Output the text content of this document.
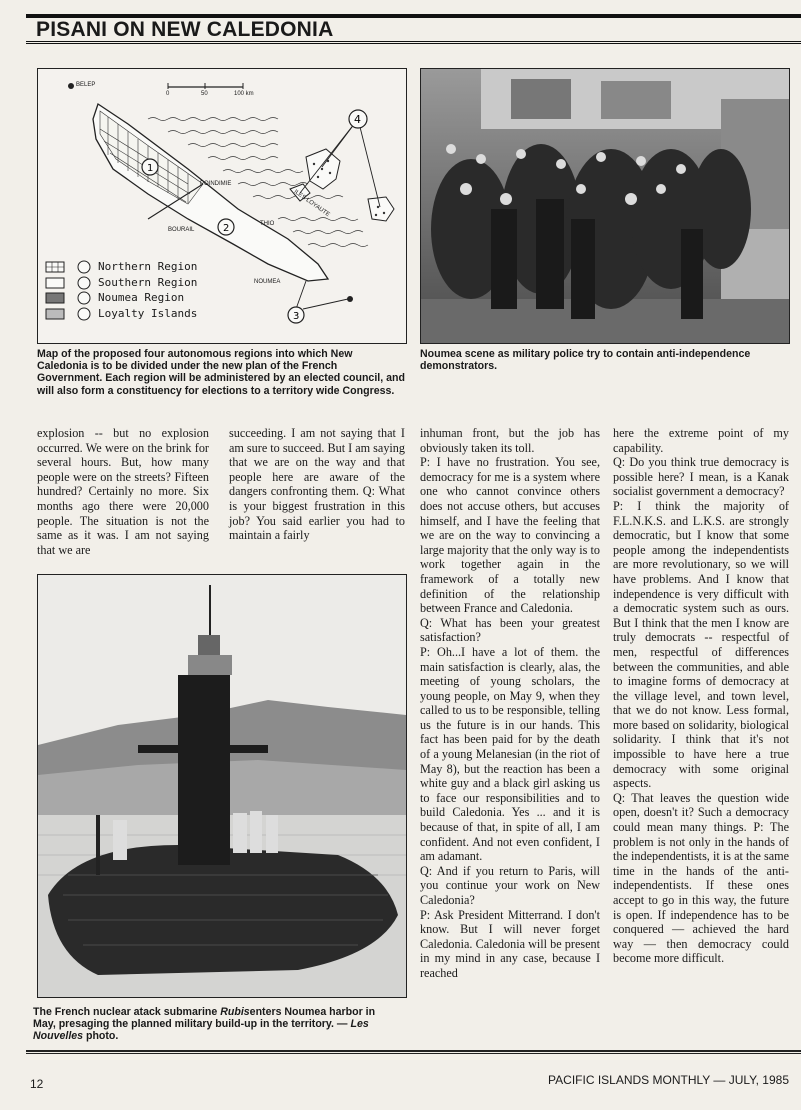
PISANI ON NEW CALEDONIA
4
1
2
3
BELEP
0	50	100 km
POINDIMIE
ILES LOYAUTE
THIO
BOURAIL
NOUMEA
Northern Region
Southern Region
Noumea Region
Loyalty Islands
Map of the proposed four autonomous regions into which New Caledonia is to be divided under the new plan of the French Government. Each region will be administered by an elected council, and will also form a constituency for elections to a territory wide Congress.
Noumea scene as military police try to contain anti-independence demonstrators.

explosion -- but no explosion occurred. We were on the brink for several hours. But, how many people were on the streets? Fifteen hundred? Certainly no more. Six months ago there were 20,000 people. The situation is not the same as it was. I am not saying that we are

succeeding. I am not saying that I am sure to succeed. But I am saying that we are on the way and that people here are aware of the dangers confronting them. Q: What is your biggest frustration in this job? You said earlier you had to maintain a fairly

inhuman front, but the job has obviously taken its toll.

P: I have no frustration. You see, democracy for me is a system where one who cannot convince others does not accuse others, but accuses himself, and I have the feeling that we are on the way to convincing a large majority that the only way is to work together again in the framework of a totally new definition of the relationship between France and Caledonia.

Q: What has been your greatest satisfaction?

P: Oh...I have a lot of them. the main satisfaction is clearly, alas, the meeting of young scholars, the young people, on May 9, when they called to us to be responsible, telling us the future is in our hands. This fact has been paid for by the death of a young Melanesian (in the riot of May 8), but the reaction has been a white guy and a black girl asking us to face our responsibilities and to build Caledonia. Yes ... and it is because of that, in spite of all, I am confident. And not even confident, I am adamant.

Q: And if you return to Paris, will you continue your work on New Caledonia?

P: Ask President Mitterrand. I don't know. But I will never forget Caledonia. Caledonia will be present in my mind in any case, because I reached

here the extreme point of my capability.

Q: Do you think true democracy is possible here? I mean, is a Kanak socialist government a democracy?

P: I think the majority of F.L.N.K.S. and L.K.S. are strongly democratic, but I know that some people among the independentists are more revolutionary, so we will have problems. And I know that independence is very difficult with a democratic system such as ours. But I think that the men I know are truly democrats -- respectful of men, respectful of differences between the communities, and able to imagine forms of democracy at the village level, and town level, that we do not know. Less formal, more based on solidarity, biological solidarity. I think that it's not impossible to have here a true democracy with some original aspects.

Q: That leaves the question wide open, doesn't it? Such a democracy could mean many things. P: The problem is not only in the hands of the independentists, it is at the same time in the hands of the anti-independentists. If these ones accept to go in this way, the future is open. If independence has to be conquered — achieved the hard way — then democracy could become more difficult.

The French nuclear atack submarine Rubisenters Noumea harbor in May, presaging the planned military build-up in the territory. — Les Nouvelles photo.
12	PACIFIC ISLANDS MONTHLY — JULY, 1985
